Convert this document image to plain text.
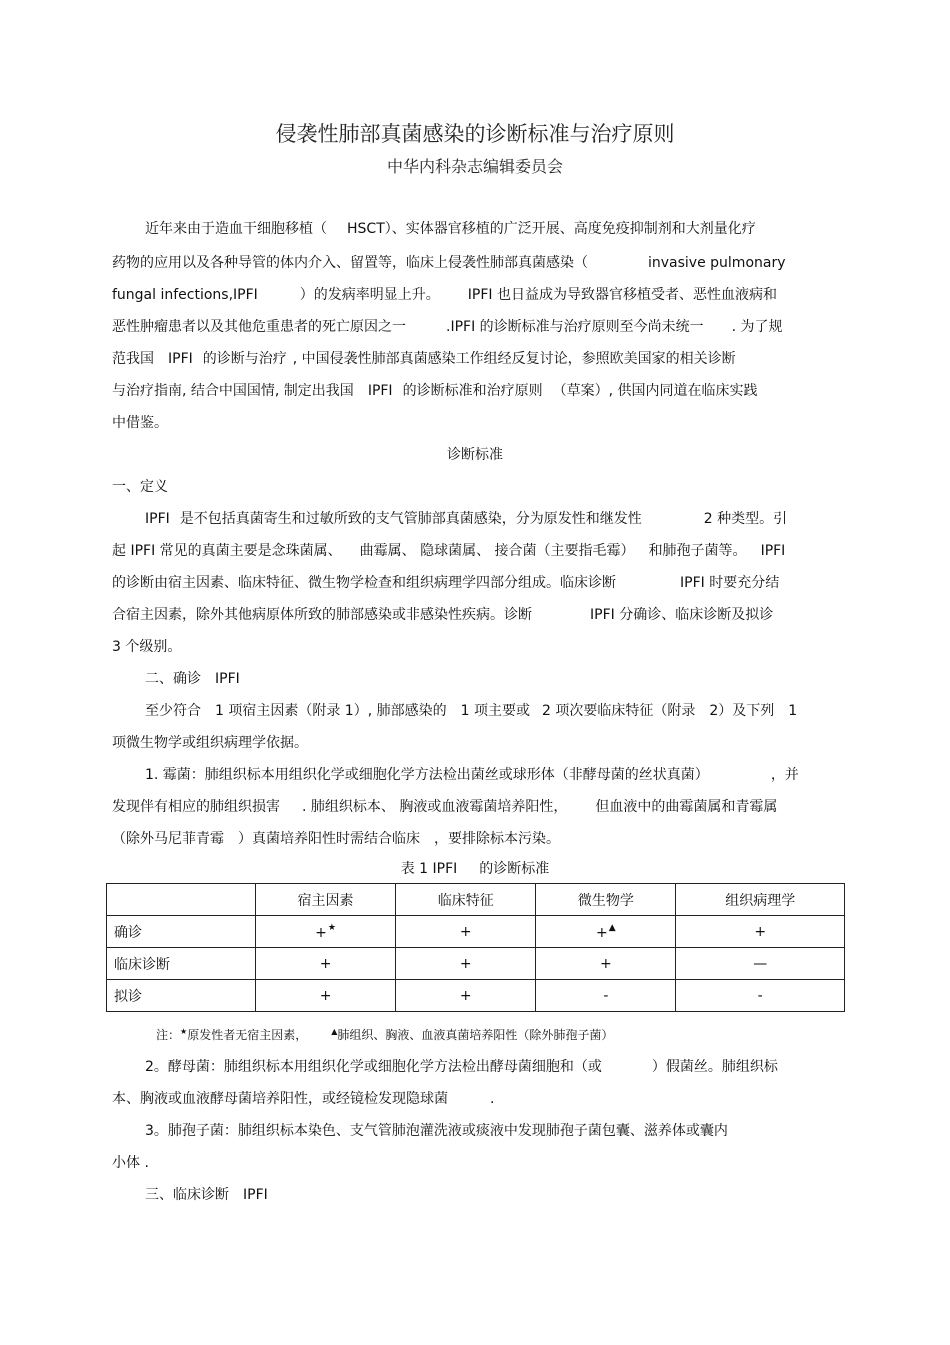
侵袭性肺部真菌感染的诊断标准与治疗原则
中华内科杂志编辑委员会
近年来由于造血干细胞移植（ HSCT）、实体器官移植的广泛开展、高度免疫抑制剂和大剂量化疗
药物的应用以及各种导管的体内介入、留置等，临床上侵袭性肺部真菌感染（	invasive pulmonary
fungal infections,IPFI	）的发病率明显上升。 IPFI 也日益成为导致器官移植受者、恶性血液病和
恶性肿瘤患者以及其他危重患者的死亡原因之一	.IPFI 的诊断标准与治疗原则至今尚未统一 . 为了规
范我国 IPFI 的诊断与治疗 , 中国侵袭性肺部真菌感染工作组经反复讨论，参照欧美国家的相关诊断
与治疗指南, 结合中国国情, 制定出我国 IPFI 的诊断标准和治疗原则 （草案）, 供国内同道在临床实践
中借鉴。
诊断标准
一、定义
IPFI 是不包括真菌寄生和过敏所致的支气管肺部真菌感染，分为原发性和继发性	2 种类型。引
起 IPFI 常见的真菌主要是念珠菌属、 曲霉属、 隐球菌属、 接合菌（主要指毛霉） 和肺孢子菌等。 IPFI
的诊断由宿主因素、临床特征、微生物学检查和组织病理学四部分组成。临床诊断	IPFI 时要充分结
合宿主因素，除外其他病原体所致的肺部感染或非感染性疾病。诊断	IPFI 分确诊、临床诊断及拟诊
3 个级别。
二、确诊 IPFI
至少符合 1 项宿主因素（附录 1）, 肺部感染的 1 项主要或 2 项次要临床特征（附录 2）及下列 1
项微生物学或组织病理学依据。
1. 霉菌：肺组织标本用组织化学或细胞化学方法检出菌丝或球形体（非酵母菌的丝状真菌）	，并
发现伴有相应的肺组织损害 . 肺组织标本、 胸液或血液霉菌培养阳性， 但血液中的曲霉菌属和青霉属
（除外马尼菲青霉 ）真菌培养阳性时需结合临床 ，要排除标本污染。
表 1 IPFI 的诊断标准
	宿主因素	临床特征	微生物学	组织病理学
确诊	+★	+	+▲	+
临床诊断	+	+	+	—
拟诊	+	+	-	-
注：★原发性者无宿主因素，	▲肺组织、胸液、血液真菌培养阳性（除外肺孢子菌）
2。酵母菌：肺组织标本用组织化学或细胞化学方法检出酵母菌细胞和（或	）假菌丝。肺组织标
本、胸液或血液酵母菌培养阳性，或经镜检发现隐球菌	.
3。肺孢子菌：肺组织标本染色、支气管肺泡灌洗液或痰液中发现肺孢子菌包囊、滋养体或囊内
小体 .
三、临床诊断 IPFI
